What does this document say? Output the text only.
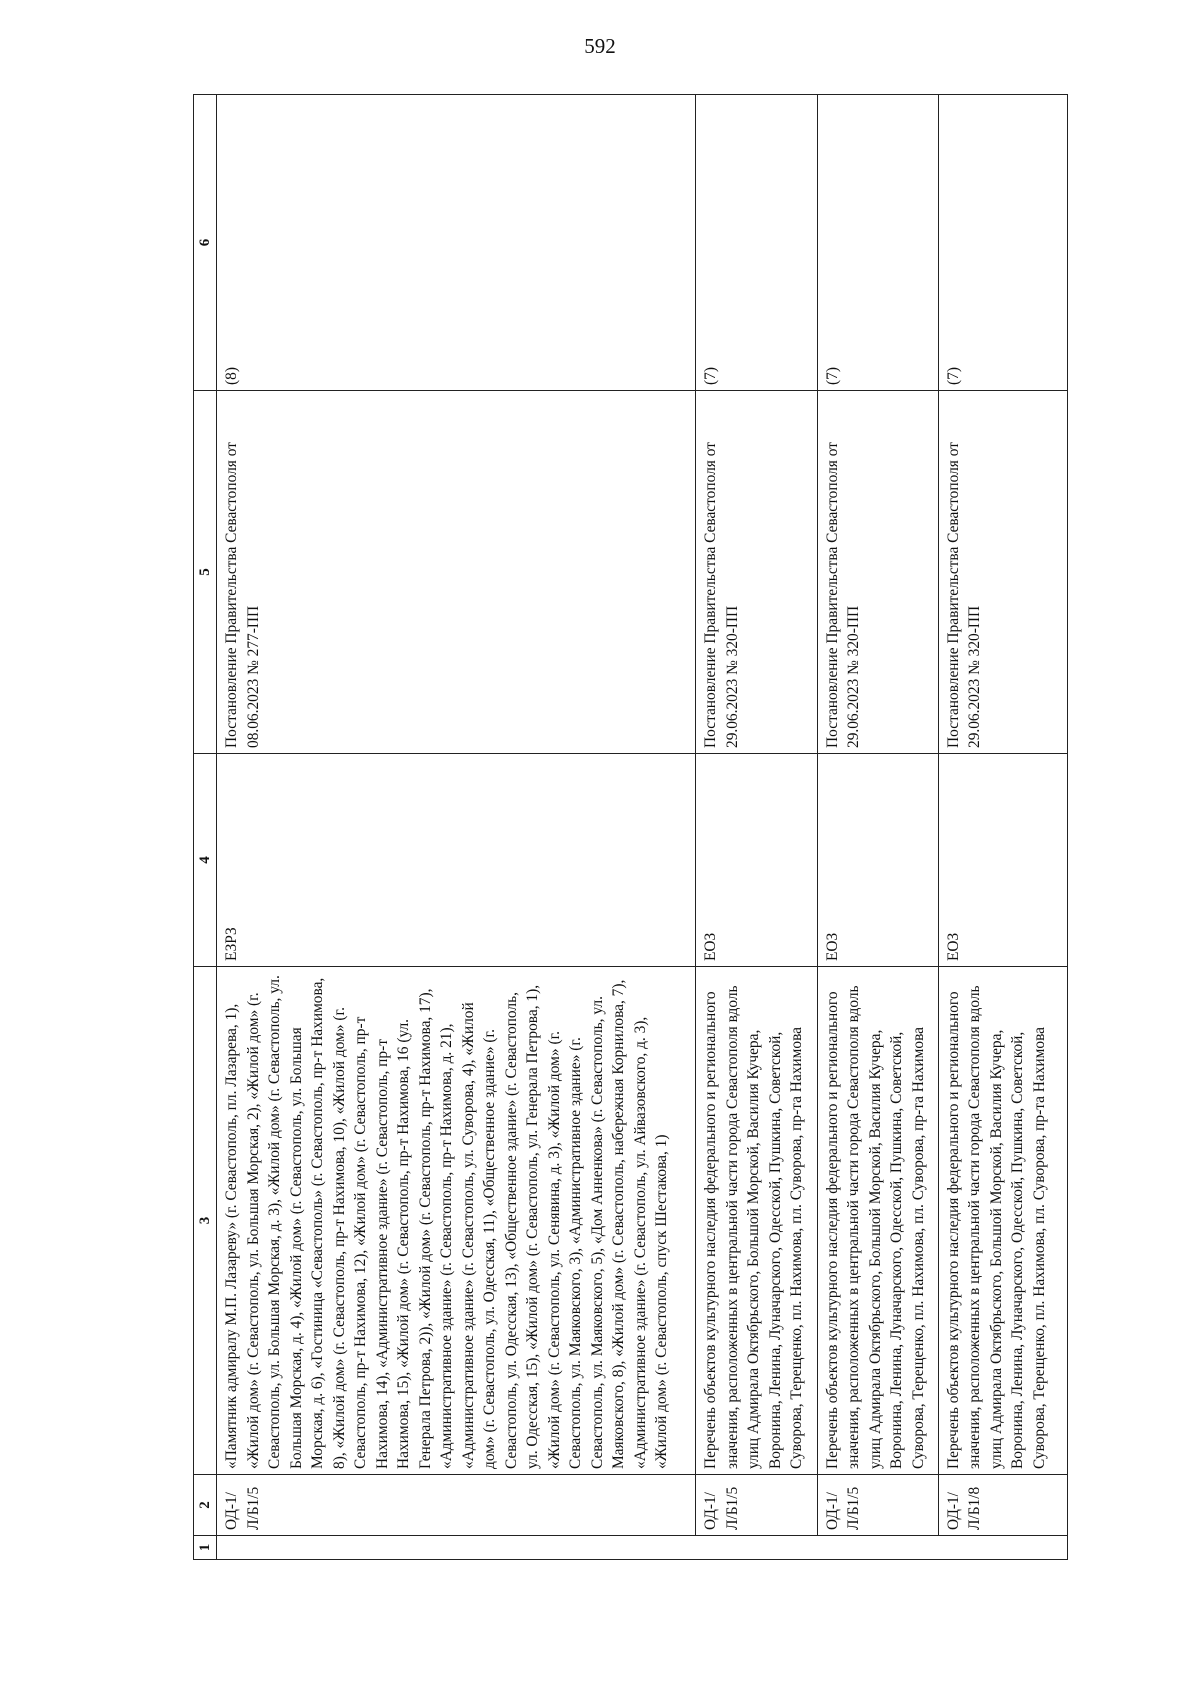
592
1	2	3	4	5	6
	ОД-1/Л/Б1/5	«Памятник адмиралу М.П. Лазареву» (г. Севастополь, пл. Лазарева, 1), «Жилой дом» (г. Севастополь, ул. Большая Морская, 2), «Жилой дом» (г. Севастополь, ул. Большая Морская, д. 3), «Жилой дом» (г. Севастополь, ул. Большая Морская, д. 4), «Жилой дом» (г. Севастополь, ул. Большая Морская, д. 6), «Гостиница «Севастополь» (г. Севастополь, пр-т Нахимова, 8), «Жилой дом» (г. Севастополь, пр-т Нахимова, 10), «Жилой дом» (г. Севастополь, пр-т Нахимова, 12), «Жилой дом» (г. Севастополь, пр-т Нахимова, 14), «Административное здание» (г. Севастополь, пр-т Нахимова, 15), «Жилой дом» (г. Севастополь, пр-т Нахимова, 16 (ул. Генерала Петрова, 2)), «Жилой дом» (г. Севастополь, пр-т Нахимова, 17), «Административное здание» (г. Севастополь, пр-т Нахимова, д. 21), «Административное здание» (г. Севастополь, ул. Суворова, 4), «Жилой дом» (г. Севастополь, ул. Одесская, 11), «Общественное здание» (г. Севастополь, ул. Одесская, 13), «Общественное здание» (г. Севастополь, ул. Одесская, 15), «Жилой дом» (г. Севастополь, ул. Генерала Петрова, 1), «Жилой дом» (г. Севастополь, ул. Сенявина, д. 3), «Жилой дом» (г. Севастополь, ул. Маяковского, 3), «Административное здание» (г. Севастополь, ул. Маяковского, 5), «Дом Анненкова» (г. Севастополь, ул. Маяковского, 8), «Жилой дом» (г. Севастополь, набережная Корнилова, 7), «Административное здание» (г. Севастополь, ул. Айвазовского, д. 3), «Жилой дом» (г. Севастополь, спуск Шестакова, 1)	ЕЗРЗ	Постановление Правительства Севастополя от 08.06.2023 № 277-ПП	(8)
	ОД-1/Л/Б1/5	Перечень объектов культурного наследия федерального и регионального значения, расположенных в центральной части города Севастополя вдоль улиц Адмирала Октябрьского, Большой Морской, Василия Кучера, Воронина, Ленина, Луначарского, Одесской, Пушкина, Советской, Суворова, Терещенко, пл. Нахимова, пл. Суворова, пр-та Нахимова	ЕОЗ	Постановление Правительства Севастополя от 29.06.2023 № 320-ПП	(7)
	ОД-1/Л/Б1/5	Перечень объектов культурного наследия федерального и регионального значения, расположенных в центральной части города Севастополя вдоль улиц Адмирала Октябрьского, Большой Морской, Василия Кучера, Воронина, Ленина, Луначарского, Одесской, Пушкина, Советской, Суворова, Терещенко, пл. Нахимова, пл. Суворова, пр-та Нахимова	ЕОЗ	Постановление Правительства Севастополя от 29.06.2023 № 320-ПП	(7)
	ОД-1/Л/Б1/8	Перечень объектов культурного наследия федерального и регионального значения, расположенных в центральной части города Севастополя вдоль улиц Адмирала Октябрьского, Большой Морской, Василия Кучера, Воронина, Ленина, Луначарского, Одесской, Пушкина, Советской, Суворова, Терещенко, пл. Нахимова, пл. Суворова, пр-та Нахимова	ЕОЗ	Постановление Правительства Севастополя от 29.06.2023 № 320-ПП	(7)
